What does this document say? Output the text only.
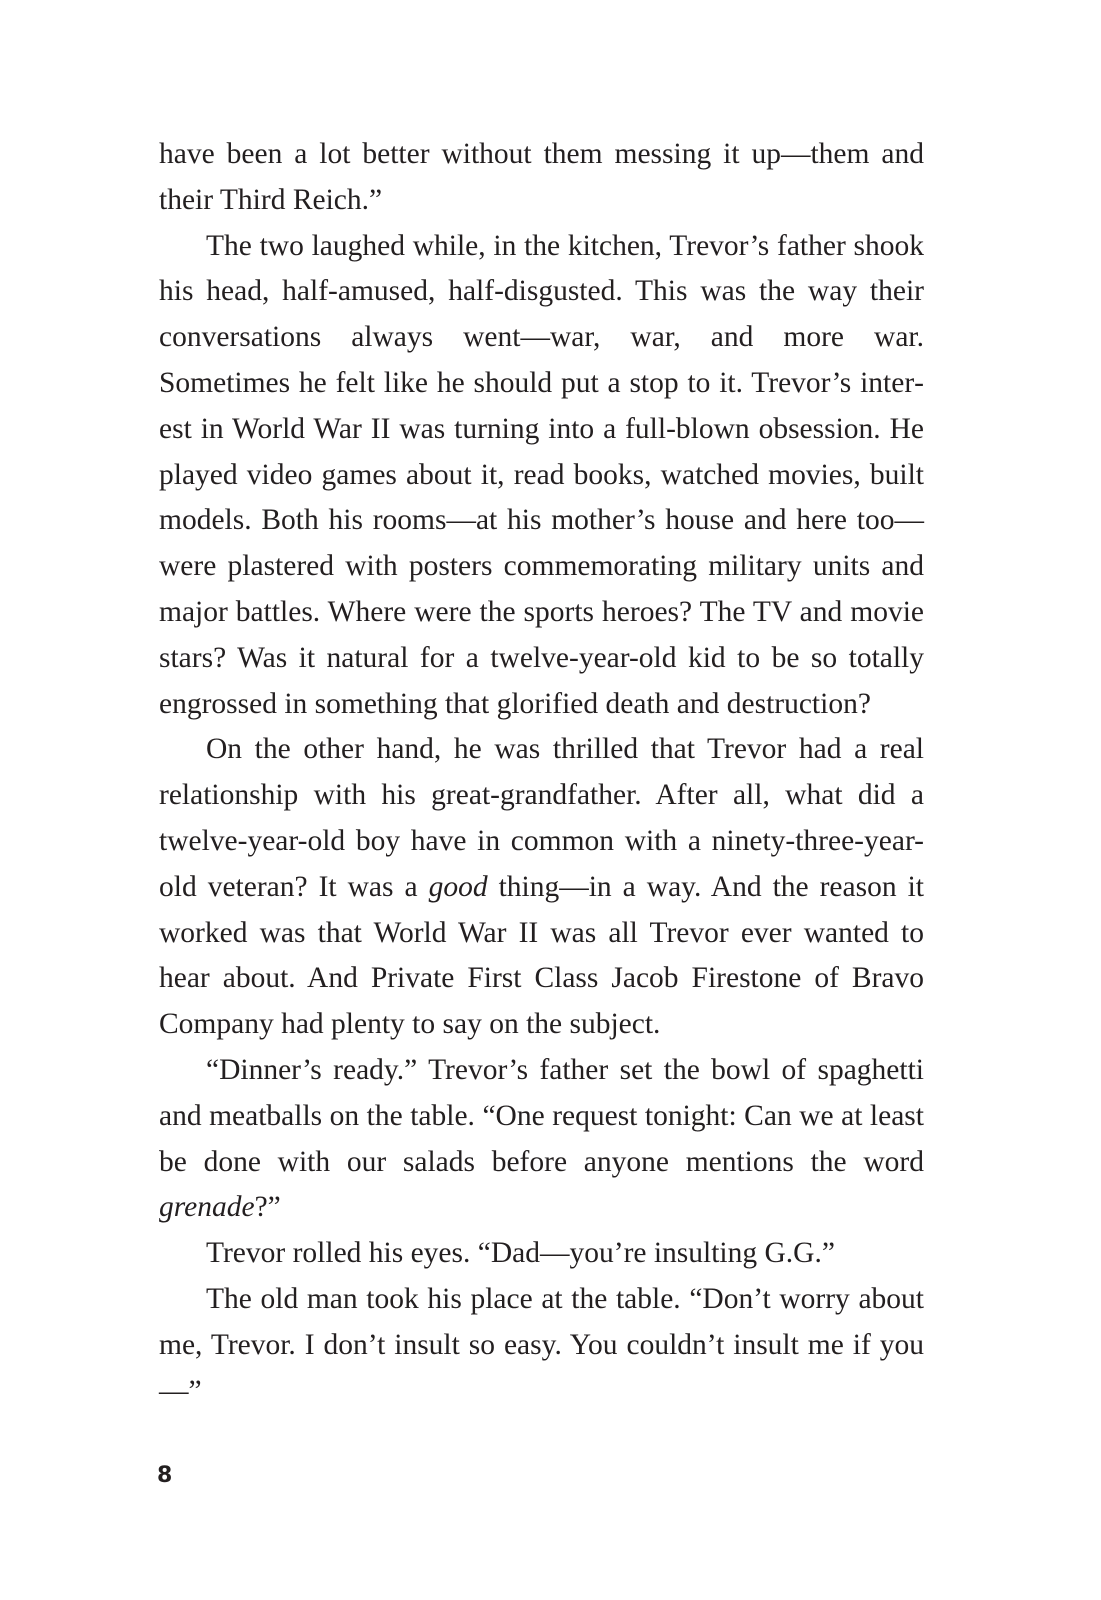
have been a lot better without them messing it up—them and their Third Reich.”

The two laughed while, in the kitchen, Trevor’s father shook his head, half-amused, half-disgusted. This was the way their conversations always went—war, war, and more war. Sometimes he felt like he should put a stop to it. Trevor’s interest in World War II was turning into a full-blown obsession. He played video games about it, read books, watched movies, built models. Both his rooms—at his mother’s house and here too—were plastered with posters commemorating military units and major battles. Where were the sports heroes? The TV and movie stars? Was it natural for a twelve-year-old kid to be so totally engrossed in something that glorified death and destruction?

On the other hand, he was thrilled that Trevor had a real relationship with his great-grandfather. After all, what did a twelve-year-old boy have in common with a ninety-three-year-old veteran? It was a good thing—in a way. And the reason it worked was that World War II was all Trevor ever wanted to hear about. And Private First Class Jacob Firestone of Bravo Company had plenty to say on the subject.

“Dinner’s ready.” Trevor’s father set the bowl of spaghetti and meatballs on the table. “One request tonight: Can we at least be done with our salads before anyone mentions the word grenade?”

Trevor rolled his eyes. “Dad—you’re insulting G.G.”

The old man took his place at the table. “Don’t worry about me, Trevor. I don’t insult so easy. You couldn’t insult me if you—”

8
